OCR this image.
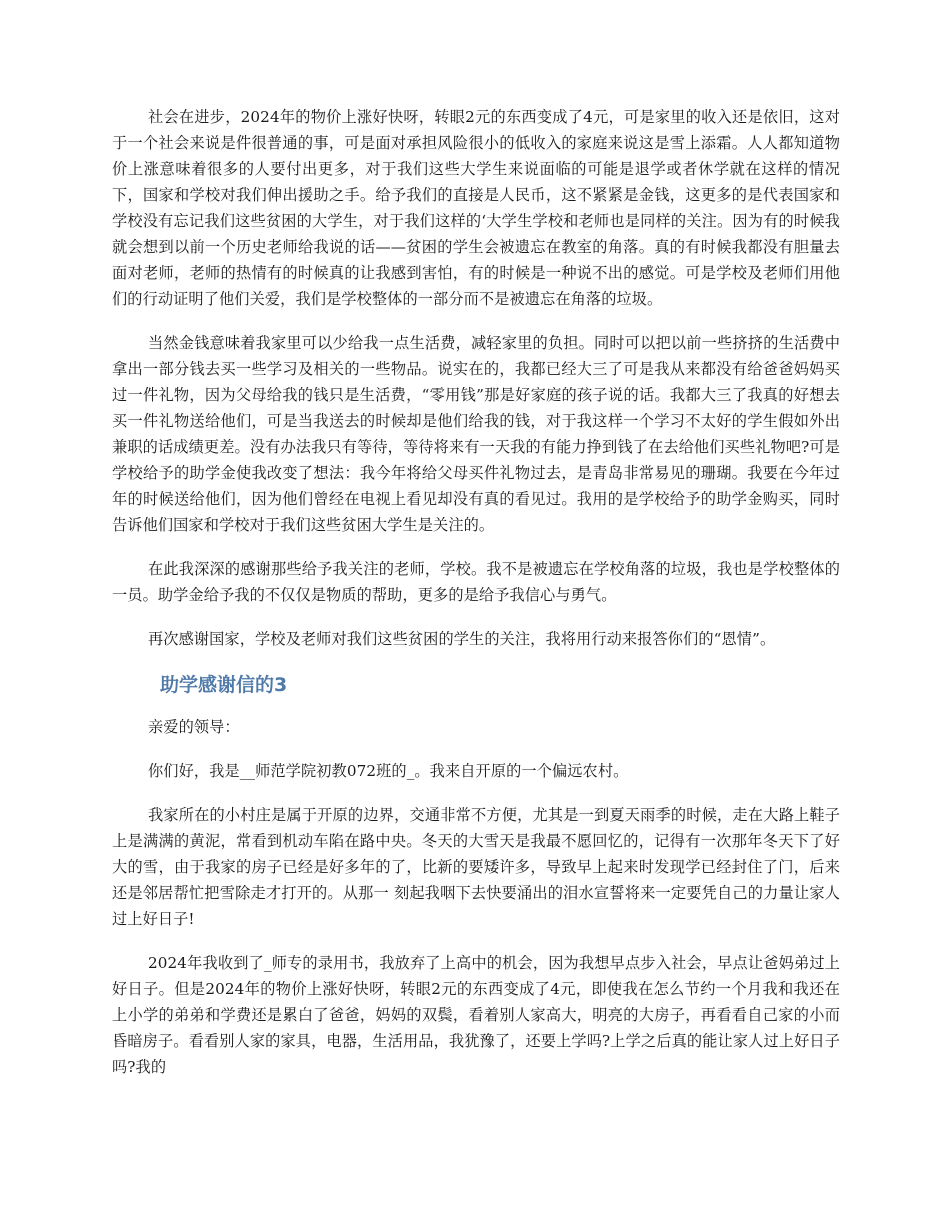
社会在进步，2024年的物价上涨好快呀，转眼2元的东西变成了4元，可是家里的收入还是依旧，这对于一个社会来说是件很普通的事，可是面对承担风险很小的低收入的家庭来说这是雪上添霜。人人都知道物价上涨意味着很多的人要付出更多，对于我们这些大学生来说面临的可能是退学或者休学就在这样的情况下，国家和学校对我们伸出援助之手。给予我们的直接是人民币，这不紧紧是金钱，这更多的是代表国家和学校没有忘记我们这些贫困的大学生，对于我们这样的‘大学生学校和老师也是同样的关注。因为有的时候我就会想到以前一个历史老师给我说的话——贫困的学生会被遗忘在教室的角落。真的有时候我都没有胆量去面对老师，老师的热情有的时候真的让我感到害怕，有的时候是一种说不出的感觉。可是学校及老师们用他们的行动证明了他们关爱，我们是学校整体的一部分而不是被遗忘在角落的垃圾。

当然金钱意味着我家里可以少给我一点生活费，减轻家里的负担。同时可以把以前一些挤挤的生活费中拿出一部分钱去买一些学习及相关的一些物品。说实在的，我都已经大三了可是我从来都没有给爸爸妈妈买过一件礼物，因为父母给我的钱只是生活费，“零用钱”那是好家庭的孩子说的话。我都大三了我真的好想去买一件礼物送给他们，可是当我送去的时候却是他们给我的钱，对于我这样一个学习不太好的学生假如外出兼职的话成绩更差。没有办法我只有等待，等待将来有一天我的有能力挣到钱了在去给他们买些礼物吧?可是学校给予的助学金使我改变了想法：我今年将给父母买件礼物过去，是青岛非常易见的珊瑚。我要在今年过年的时候送给他们，因为他们曾经在电视上看见却没有真的看见过。我用的是学校给予的助学金购买，同时告诉他们国家和学校对于我们这些贫困大学生是关注的。

在此我深深的感谢那些给予我关注的老师，学校。我不是被遗忘在学校角落的垃圾，我也是学校整体的一员。助学金给予我的不仅仅是物质的帮助，更多的是给予我信心与勇气。

再次感谢国家，学校及老师对我们这些贫困的学生的关注，我将用行动来报答你们的“恩情”。

助学感谢信的3

亲爱的领导：

你们好，我是__师范学院初教072班的_。我来自开原的一个偏远农村。

我家所在的小村庄是属于开原的边界，交通非常不方便，尤其是一到夏天雨季的时候，走在大路上鞋子上是满满的黄泥，常看到机动车陷在路中央。冬天的大雪天是我最不愿回忆的，记得有一次那年冬天下了好大的雪，由于我家的房子已经是好多年的了，比新的要矮许多，导致早上起来时发现学已经封住了门，后来还是邻居帮忙把雪除走才打开的。从那一 刻起我咽下去快要涌出的泪水宣誓将来一定要凭自己的力量让家人过上好日子!

2024年我收到了_师专的录用书，我放弃了上高中的机会，因为我想早点步入社会，早点让爸妈弟过上好日子。但是2024年的物价上涨好快呀，转眼2元的东西变成了4元，即使我在怎么节约一个月我和我还在上小学的弟弟和学费还是累白了爸爸，妈妈的双鬓，看着别人家高大，明亮的大房子，再看看自己家的小而昏暗房子。看看别人家的家具，电器，生活用品，我犹豫了，还要上学吗?上学之后真的能让家人过上好日子吗?我的
